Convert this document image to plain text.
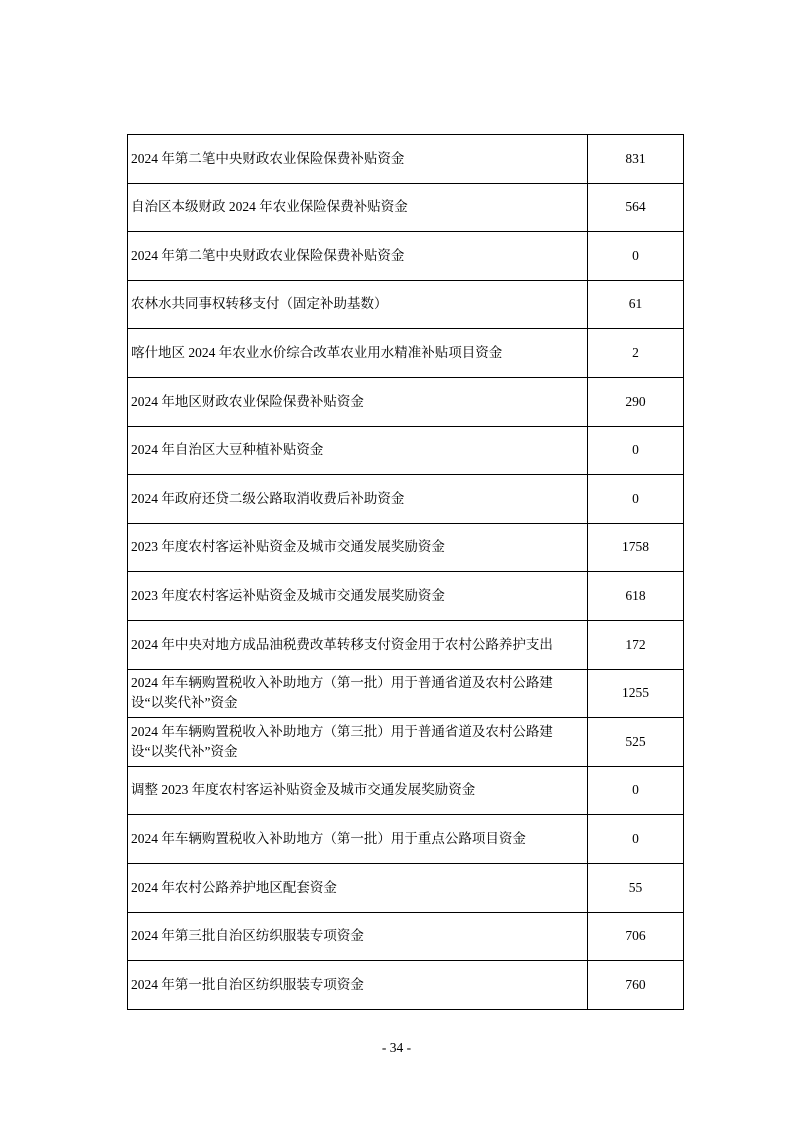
2024 年第二笔中央财政农业保险保费补贴资金	831
自治区本级财政 2024 年农业保险保费补贴资金	564
2024 年第二笔中央财政农业保险保费补贴资金	0
农林水共同事权转移支付（固定补助基数）	61
喀什地区 2024 年农业水价综合改革农业用水精准补贴项目资金	2
2024 年地区财政农业保险保费补贴资金	290
2024 年自治区大豆种植补贴资金	0
2024 年政府还贷二级公路取消收费后补助资金	0
2023 年度农村客运补贴资金及城市交通发展奖励资金	1758
2023 年度农村客运补贴资金及城市交通发展奖励资金	618
2024 年中央对地方成品油税费改革转移支付资金用于农村公路养护支出	172
2024 年车辆购置税收入补助地方（第一批）用于普通省道及农村公路建设“以奖代补”资金	1255
2024 年车辆购置税收入补助地方（第三批）用于普通省道及农村公路建设“以奖代补”资金	525
调整 2023 年度农村客运补贴资金及城市交通发展奖励资金	0
2024 年车辆购置税收入补助地方（第一批）用于重点公路项目资金	0
2024 年农村公路养护地区配套资金	55
2024 年第三批自治区纺织服装专项资金	706
2024 年第一批自治区纺织服装专项资金	760
- 34 -
